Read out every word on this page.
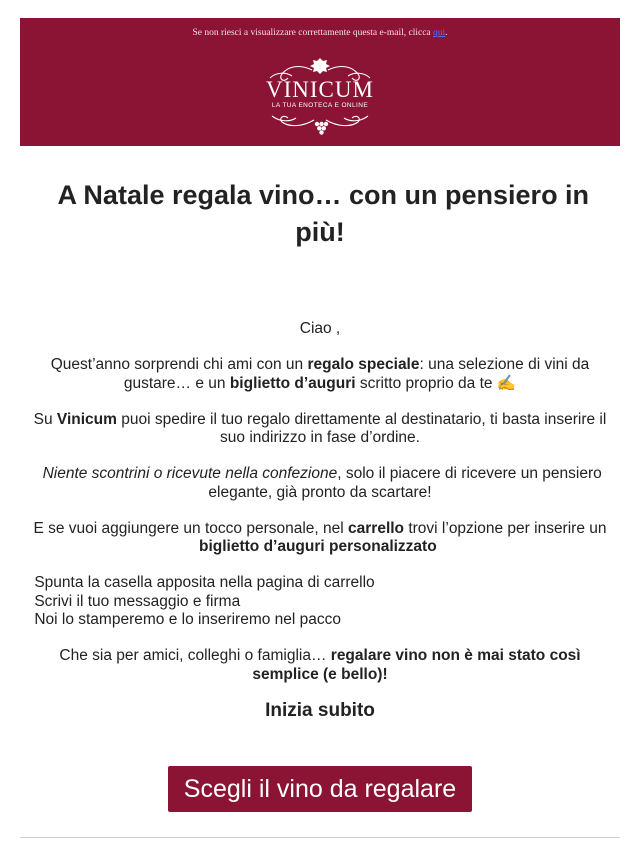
Se non riesci a visualizzare correttamente questa e-mail, clicca qui.
VINICUM
LA TUA ENOTECA E ONLINE
A Natale regala vino… con un pensiero in più!

Ciao ,

Quest’anno sorprendi chi ami con un regalo speciale: una selezione di vini da gustare… e un biglietto d’auguri scritto proprio da te ✍️

Su Vinicum puoi spedire il tuo regalo direttamente al destinatario, ti basta inserire il suo indirizzo in fase d’ordine.

Niente scontrini o ricevute nella confezione, solo il piacere di ricevere un pensiero elegante, già pronto da scartare!

E se vuoi aggiungere un tocco personale, nel carrello trovi l’opzione per inserire un biglietto d’auguri personalizzato

Spunta la casella apposita nella pagina di carrello
Scrivi il tuo messaggio e firma
Noi lo stamperemo e lo inseriremo nel pacco

Che sia per amici, colleghi o famiglia… regalare vino non è mai stato così semplice (e bello)!

Inizia subito
Scegli il vino da regalare
